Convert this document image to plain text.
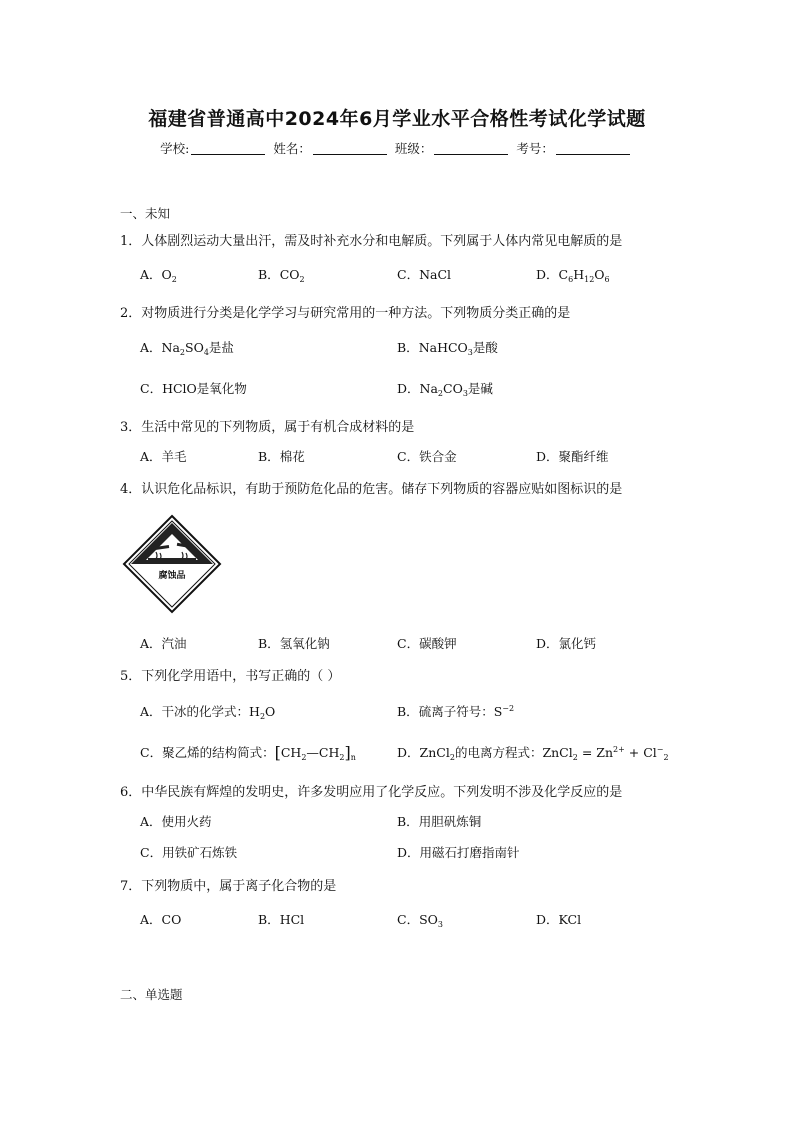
福建省普通高中2024年6月学业水平合格性考试化学试题
学校:	姓名：	班级：	考号：
一、未知
1．人体剧烈运动大量出汗，需及时补充水分和电解质。下列属于人体内常见电解质的是
A．$O_2$	B．$CO_2$	C．NaCl	D．$C_6H_{12}O_6$
2．对物质进行分类是化学学习与研究常用的一种方法。下列物质分类正确的是
A．$Na_2SO_4$是盐	B．NaHCO$_3$是酸
C．HClO是氧化物	D．$Na_2CO_3$是碱
3．生活中常见的下列物质，属于有机合成材料的是
A．羊毛	B．棉花	C．铁合金	D．聚酯纤维
4．认识危化品标识，有助于预防危化品的危害。储存下列物质的容器应贴如图标识的是
腐蚀品
A．汽油	B．氢氧化钠	C．碳酸钾	D．氯化钙
5．下列化学用语中，书写正确的（ ）
A．干冰的化学式：$H_2O$	B．硫离子符号：$S^{-2}$
C．聚乙烯的结构简式：$[CH_2—CH_2]_n$	D．ZnCl$_2$的电离方程式：ZnCl$_2$ = $Zn^{2+} + Cl^-_2$
6．中华民族有辉煌的发明史，许多发明应用了化学反应。下列发明不涉及化学反应的是
A．使用火药	B．用胆矾炼铜
C．用铁矿石炼铁	D．用磁石打磨指南针
7．下列物质中，属于离子化合物的是
A．CO	B．HCl	C．$SO_3$	D．KCl
二、单选题
